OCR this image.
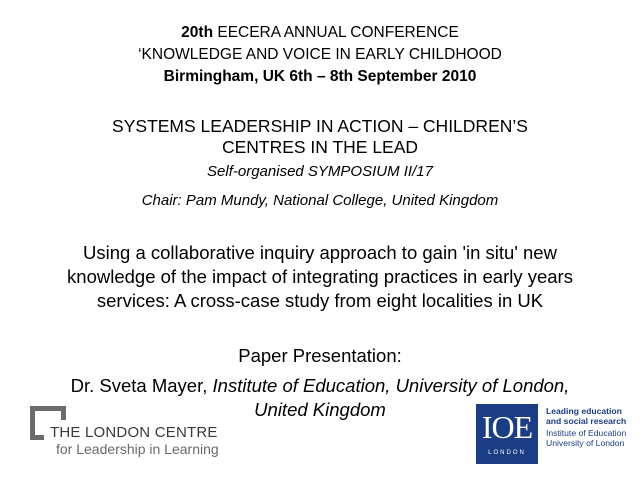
20th EECERA ANNUAL CONFERENCE
‘KNOWLEDGE AND VOICE IN EARLY CHILDHOOD
Birmingham, UK 6th – 8th September 2010
SYSTEMS LEADERSHIP IN ACTION – CHILDREN’S
CENTRES IN THE LEAD
Self-organised SYMPOSIUM II/17
Chair: Pam Mundy, National College, United Kingdom
Using a collaborative inquiry approach to gain 'in situ' new
knowledge of the impact of integrating practices in early years
services: A cross-case study from eight localities in UK
Paper Presentation:
Dr. Sveta Mayer, Institute of Education, University of London,
United Kingdom
THE LONDON CENTRE
for Leadership in Learning
IOE
LONDON
Leading education
and social research
Institute of Education
University of London
